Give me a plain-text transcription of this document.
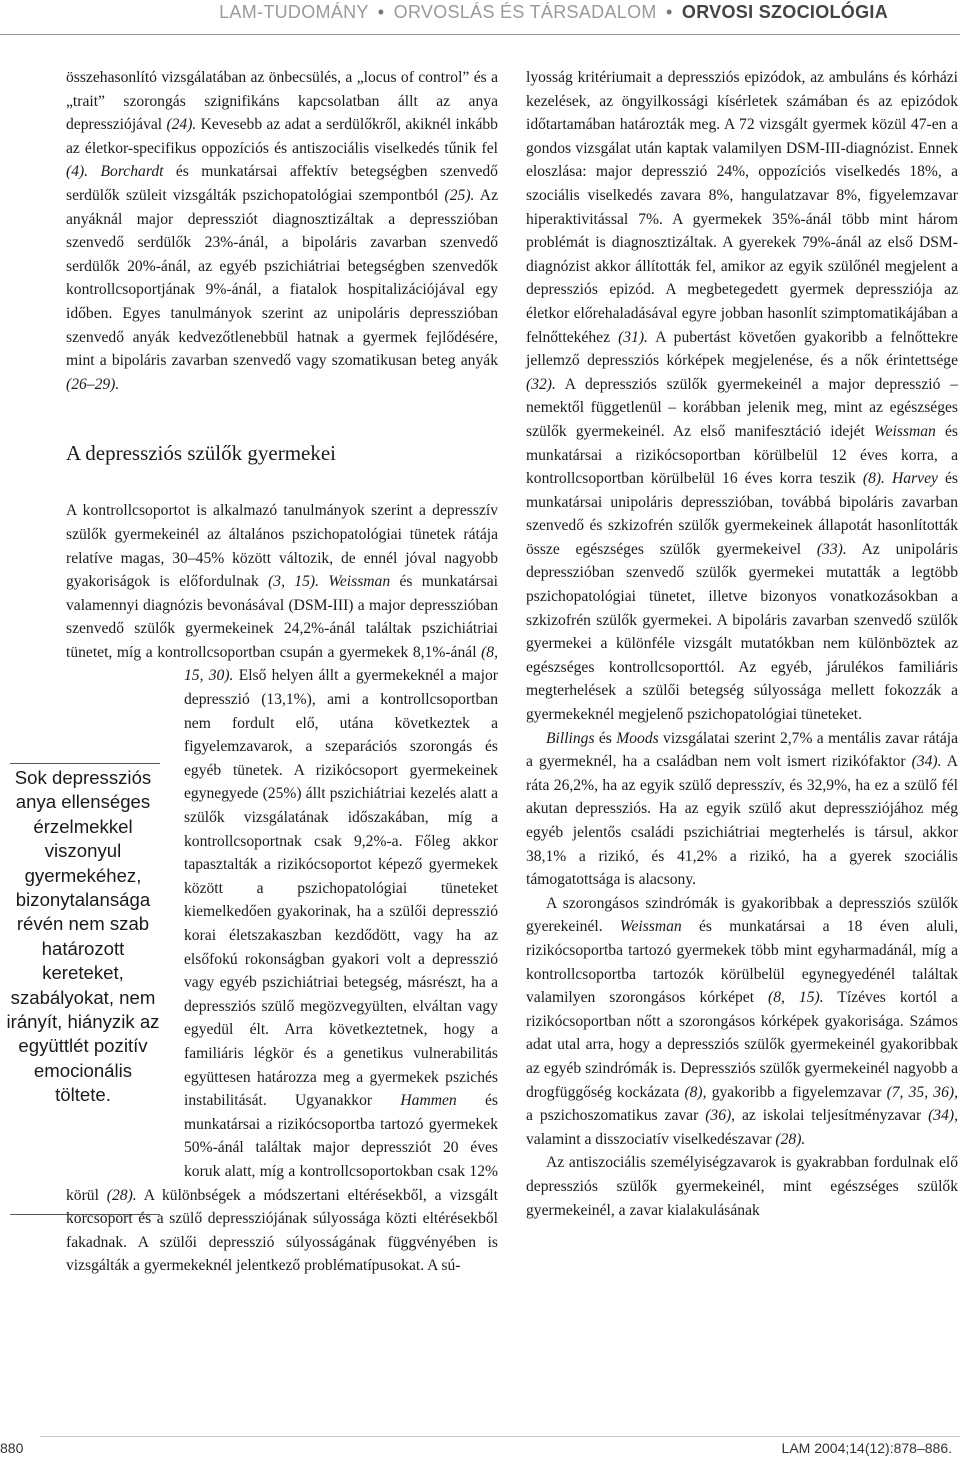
LAM-TUDOMÁNY • ORVOSLÁS ÉS TÁRSADALOM • ORVOSI SZOCIOLÓGIA
Sok depressziós anya ellenséges érzelmekkel viszonyul gyermekéhez, bizonytalansága révén nem szab határozott kereteket, szabályokat, nem irányít, hiányzik az együttlét pozitív emocionális töltete.

összehasonlító vizsgálatában az önbecsülés, a „locus of control” és a „trait” szorongás szignifikáns kapcsolatban állt az anya depressziójával (24). Kevesebb az adat a serdülőkről, akiknél inkább az életkor-specifikus oppozíciós és antiszociális viselkedés tűnik fel (4). Borchardt és munkatársai affektív betegségben szenvedő serdülők szüleit vizsgálták pszichopatológiai szempontból (25). Az anyáknál major depressziót diagnosztizáltak a depresszióban szenvedő serdülők 23%-ánál, a bipoláris zavarban szenvedő serdülők 20%-ánál, az egyéb pszichiátriai betegségben szenvedők kontrollcsoportjának 9%-ánál, a fiatalok hospitalizációjával egy időben. Egyes tanulmányok szerint az unipoláris depresszióban szenvedő anyák kedvezőtlenebbül hatnak a gyermek fejlődésére, mint a bipoláris zavarban szenvedő vagy szomatikusan beteg anyák (26–29).

A depressziós szülők gyermekei

A kontrollcsoportot is alkalmazó tanulmányok szerint a depresszív szülők gyermekeinél az általános pszichopatológiai tünetek rátája relatíve magas, 30–45% között változik, de ennél jóval nagyobb gyakoriságok is előfordulnak (3, 15). Weissman és munkatársai valamennyi diagnózis bevonásával (DSM-III) a major depresszióban szenvedő szülők gyermekeinek 24,2%-ánál találtak pszichiátriai tünetet, míg a kontrollcsoportban csupán a gyermekek 8,1%-ánál (8, 15, 30).
Első helyen állt a gyermekeknél a major depresszió (13,1%), ami a kontrollcsoportban nem fordult elő, utána következtek a figyelemzavarok, a szeparációs szorongás és egyéb tünetek. A rizikócsoport gyermekeinek egynegyede (25%) állt pszichiátriai kezelés alatt a szülők vizsgálatának időszakában, míg a kontrollcsoportnak csak 9,2%-a. Főleg akkor tapasztalták a rizikócsoportot képező gyermekek között a pszichopatológiai tüneteket kiemelkedően gyakorinak, ha a szülői depresszió korai életszakaszban kezdődött, vagy ha az elsőfokú rokonságban gyakori volt a depresszió vagy egyéb pszichiátriai betegség, másrészt, ha a depressziós szülő megözvegyülten, elváltan vagy egyedül élt. Arra következtetnek, hogy a familiáris légkör és a genetikus vulnerabilitás együttesen határozza meg a gyermekek pszichés instabilitását. Ugyanakkor Hammen és munkatársai a rizikócsoportba tartozó gyermekek 50%-ánál találtak major depressziót 20 éves koruk alatt, míg a kontrollcsoportokban csak 12% körül (28). A különbségek a módszertani eltérésekből, a vizsgált korcsoport és a szülő depressziójának súlyossága közti eltérésekből fakadnak. A szülői depresszió súlyosságának függvényében is vizsgálták a gyermekeknél jelentkező problématípusokat. A sú-

lyosság kritériumait a depressziós epizódok, az ambuláns és kórházi kezelések, az öngyilkossági kísérletek számában és az epizódok időtartamában határozták meg. A 72 vizsgált gyermek közül 47-en a gondos vizsgálat után kaptak valamilyen DSM-III-diagnózist. Ennek eloszlása: major depresszió 24%, oppozíciós viselkedés 18%, a szociális viselkedés zavara 8%, hangulatzavar 8%, figyelemzavar hiperaktivitással 7%. A gyermekek 35%-ánál több mint három problémát is diagnosztizáltak. A gyerekek 79%-ánál az első DSM-diagnózist akkor állították fel, amikor az egyik szülőnél megjelent a depressziós epizód. A megbetegedett gyermek depressziója az életkor előrehaladásával egyre jobban hasonlít szimptomatikájában a felnőttekéhez (31). A pubertást követően gyakoribb a felnőttekre jellemző depressziós kórképek megjelenése, és a nők érintettsége (32). A depressziós szülők gyermekeinél a major depresszió – nemektől függetlenül – korábban jelenik meg, mint az egészséges szülők gyermekeinél. Az első manifesztáció idejét Weissman és munkatársai a rizikócsoportban körülbelül 12 éves korra, a kontrollcsoportban körülbelül 16 éves korra teszik (8). Harvey és munkatársai unipoláris depresszióban, továbbá bipoláris zavarban szenvedő és szkizofrén szülők gyermekeinek állapotát hasonlították össze egészséges szülők gyermekeivel (33). Az unipoláris depresszióban szenvedő szülők gyermekei mutatták a legtöbb pszichopatológiai tünetet, illetve bizonyos vonatkozásokban a szkizofrén szülők gyermekei. A bipoláris zavarban szenvedő szülők gyermekei a különféle vizsgált mutatókban nem különböztek az egészséges kontrollcsoporttól. Az egyéb, járulékos familiáris megterhelések a szülői betegség súlyossága mellett fokozzák a gyermekeknél megjelenő pszichopatológiai tüneteket.

Billings és Moods vizsgálatai szerint 2,7% a mentális zavar rátája a gyermeknél, ha a családban nem volt ismert rizikófaktor (34). A ráta 26,2%, ha az egyik szülő depresszív, és 32,9%, ha ez a szülő fél akutan depressziós. Ha az egyik szülő akut depressziójához még egyéb jelentős családi pszichiátriai megterhelés is társul, akkor 38,1% a rizikó, és 41,2% a rizikó, ha a gyerek szociális támogatottsága is alacsony.

A szorongásos szindrómák is gyakoribbak a depressziós szülők gyerekeinél. Weissman és munkatársai a 18 éven aluli, rizikócsoportba tartozó gyermekek több mint egyharmadánál, míg a kontrollcsoportba tartozók körülbelül egynegyedénél találtak valamilyen szorongásos kórképet (8, 15). Tízéves kortól a rizikócsoportban nőtt a szorongásos kórképek gyakorisága. Számos adat utal arra, hogy a depressziós szülők gyermekeinél gyakoribbak az egyéb szindrómák is. Depressziós szülők gyermekeinél nagyobb a drogfüggőség kockázata (8), gyakoribb a figyelemzavar (7, 35, 36), a pszichoszomatikus zavar (36), az iskolai teljesítményzavar (34), valamint a disszociatív viselkedészavar (28).

Az antiszociális személyiségzavarok is gyakrabban fordulnak elő depressziós szülők gyermekeinél, mint egészséges szülők gyermekeinél, a zavar kialakulásának

880	LAM 2004;14(12):878–886.
